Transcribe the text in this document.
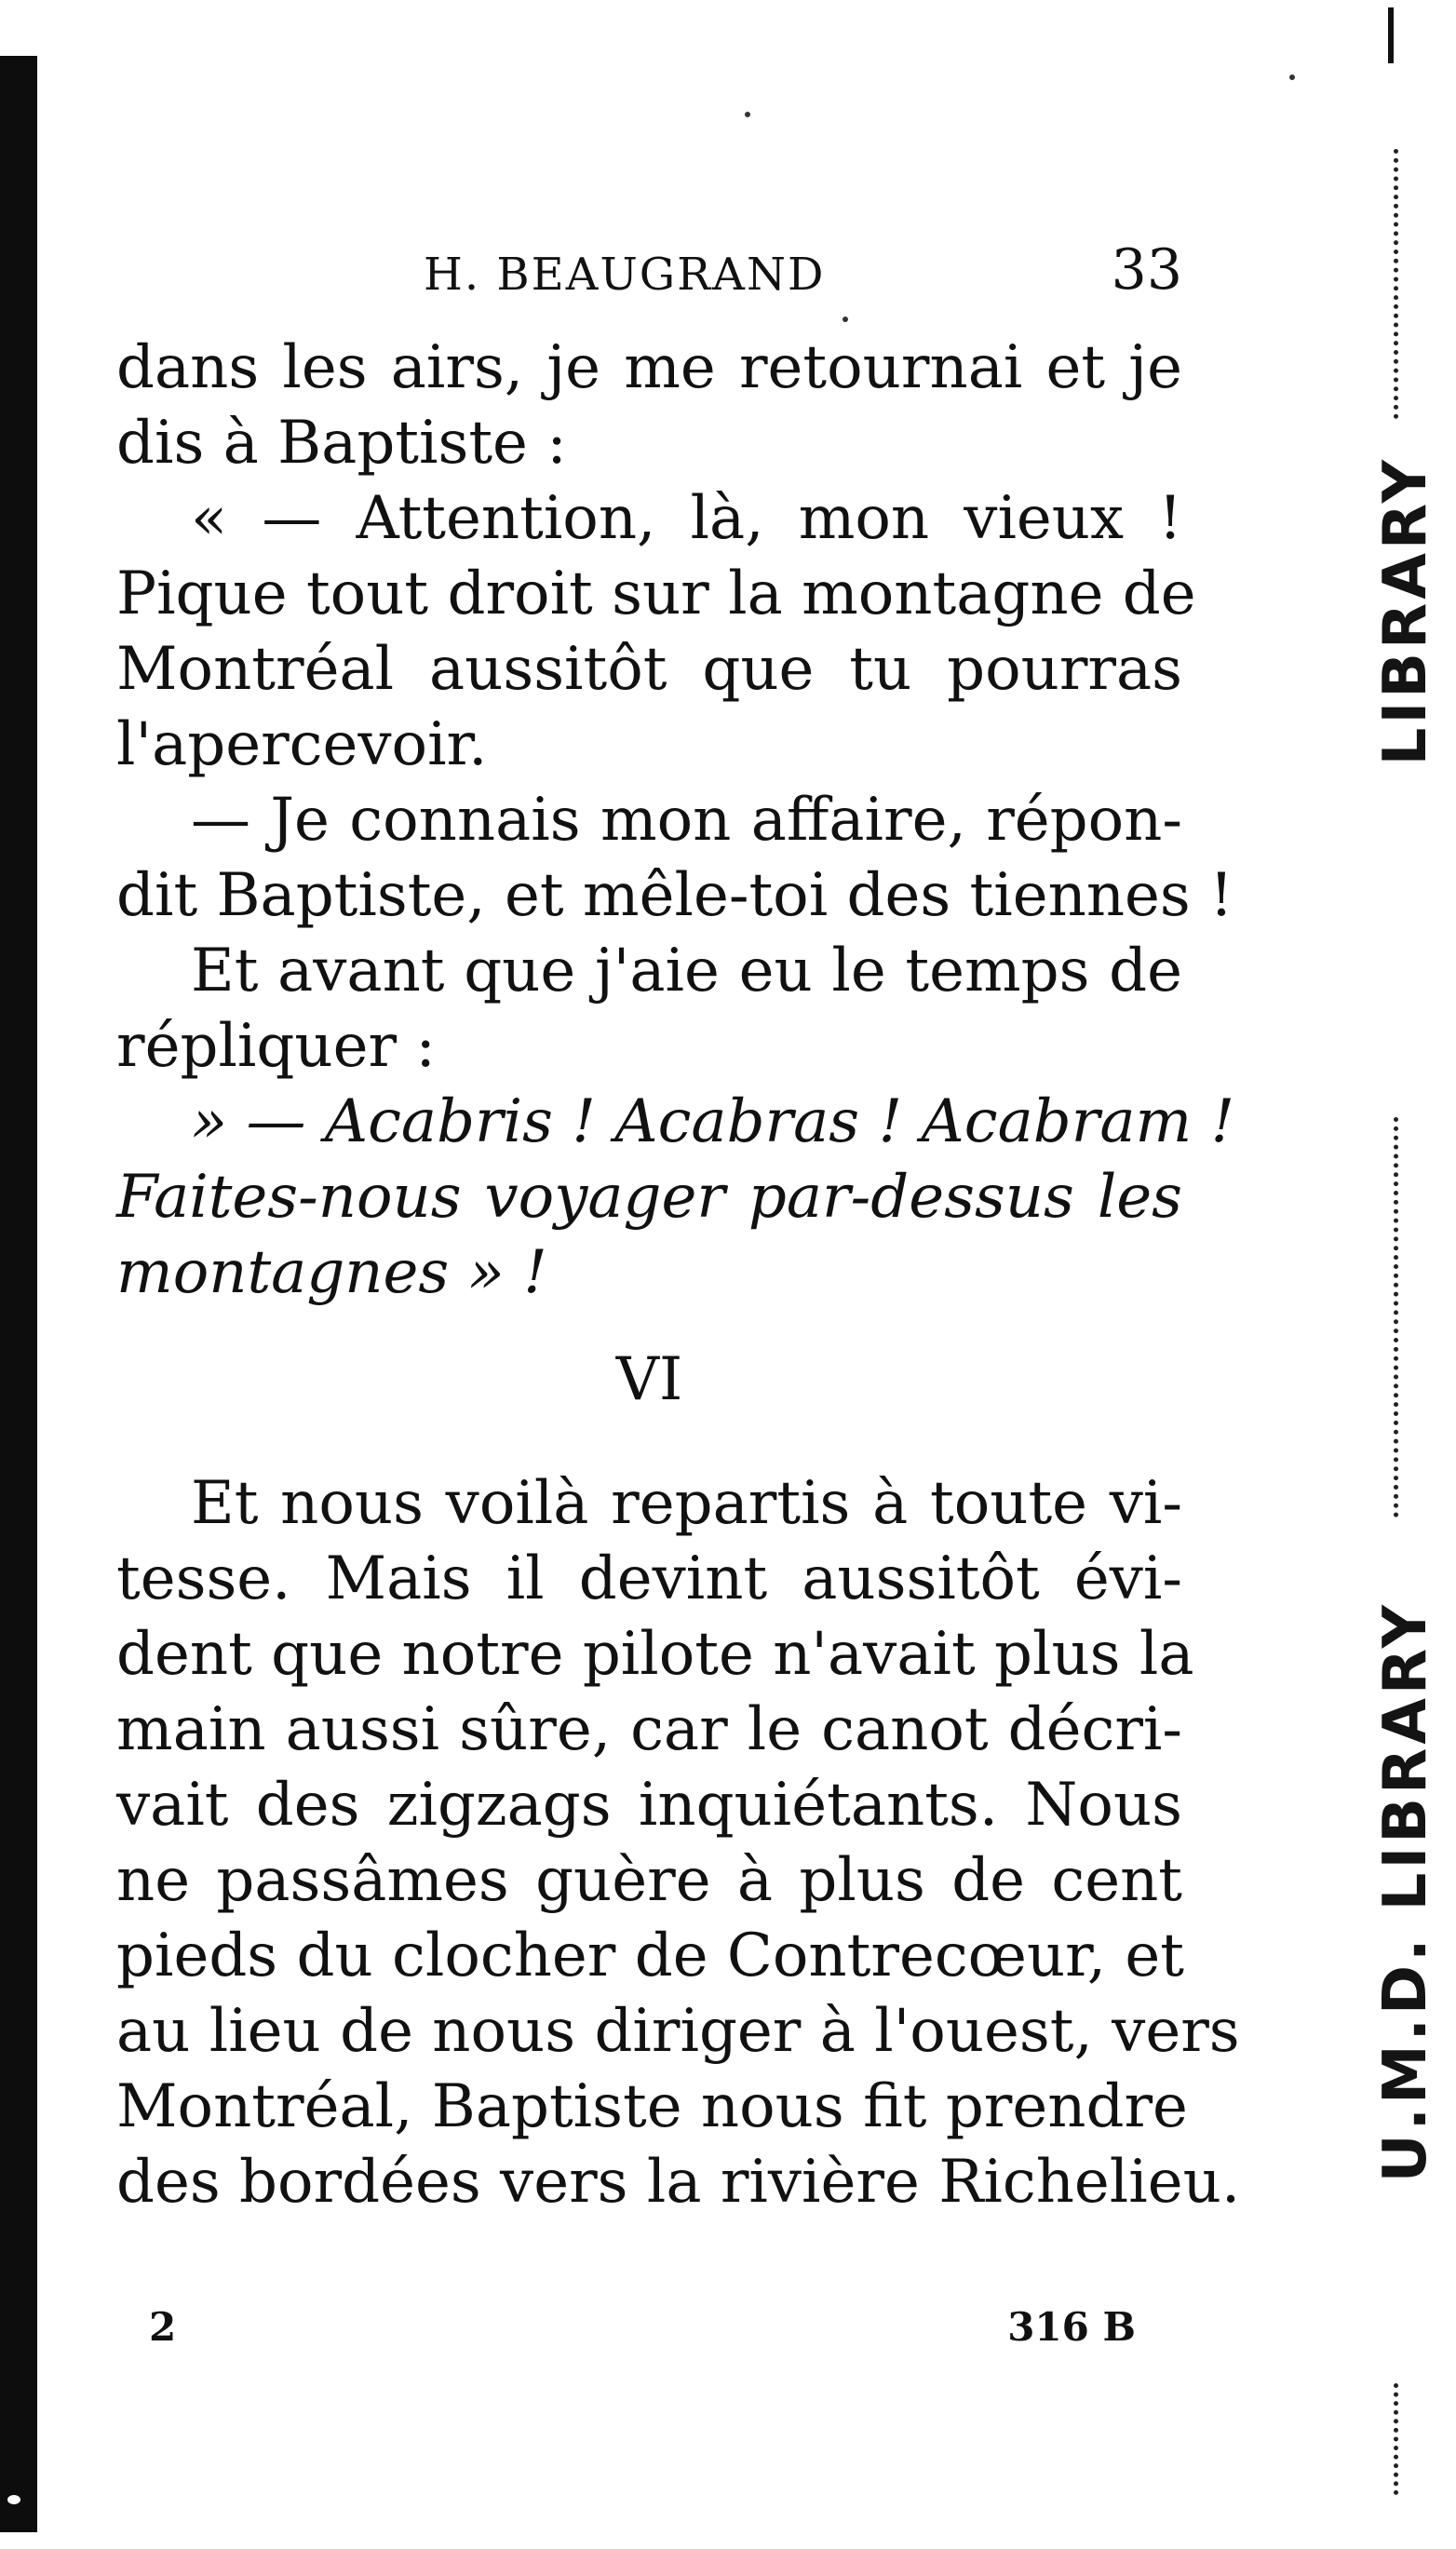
LIBRARY
U.M.D. LIBRARY
H. BEAUGRAND	33
dans les airs, je me retournai et je
dis à Baptiste :
« — Attention, là, mon vieux !
Pique tout droit sur la montagne de
Montréal aussitôt que tu pourras
l'apercevoir.
— Je connais mon affaire, répon-
dit Baptiste, et mêle-toi des tiennes !
Et avant que j'aie eu le temps de
répliquer :
» — Acabris ! Acabras ! Acabram !
Faites-nous voyager par-dessus les
montagnes » !
VI
Et nous voilà repartis à toute vi-
tesse. Mais il devint aussitôt évi-
dent que notre pilote n'avait plus la
main aussi sûre, car le canot décri-
vait des zigzags inquiétants. Nous
ne passâmes guère à plus de cent
pieds du clocher de Contrecœur, et
au lieu de nous diriger à l'ouest, vers
Montréal, Baptiste nous fit prendre
des bordées vers la rivière Richelieu.
2	316 B
